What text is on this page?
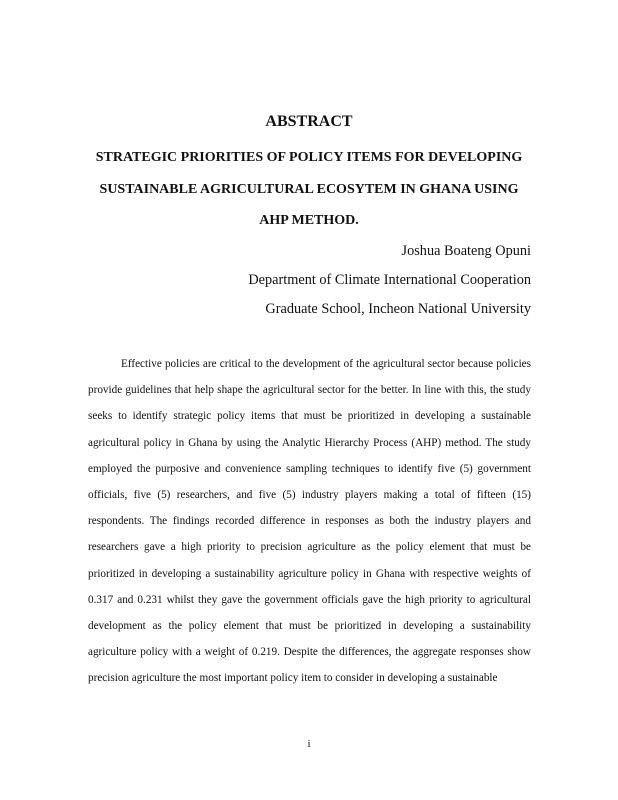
ABSTRACT
STRATEGIC PRIORITIES OF POLICY ITEMS FOR DEVELOPING
SUSTAINABLE AGRICULTURAL ECOSYTEM IN GHANA USING
AHP METHOD.

Joshua Boateng Opuni

Department of Climate International Cooperation

Graduate School, Incheon National University

Effective policies are critical to the development of the agricultural sector because policies provide guidelines that help shape the agricultural sector for the better. In line with this, the study seeks to identify strategic policy items that must be prioritized in developing a sustainable agricultural policy in Ghana by using the Analytic Hierarchy Process (AHP) method. The study employed the purposive and convenience sampling techniques to identify five (5) government officials, five (5) researchers, and five (5) industry players making a total of fifteen (15) respondents. The findings recorded difference in responses as both the industry players and researchers gave a high priority to precision agriculture as the policy element that must be prioritized in developing a sustainability agriculture policy in Ghana with respective weights of 0.317 and 0.231 whilst they gave the government officials gave the high priority to agricultural development as the policy element that must be prioritized in developing a sustainability agriculture policy with a weight of 0.219. Despite the differences, the aggregate responses show precision agriculture the most important policy item to consider in developing a sustainable

i
